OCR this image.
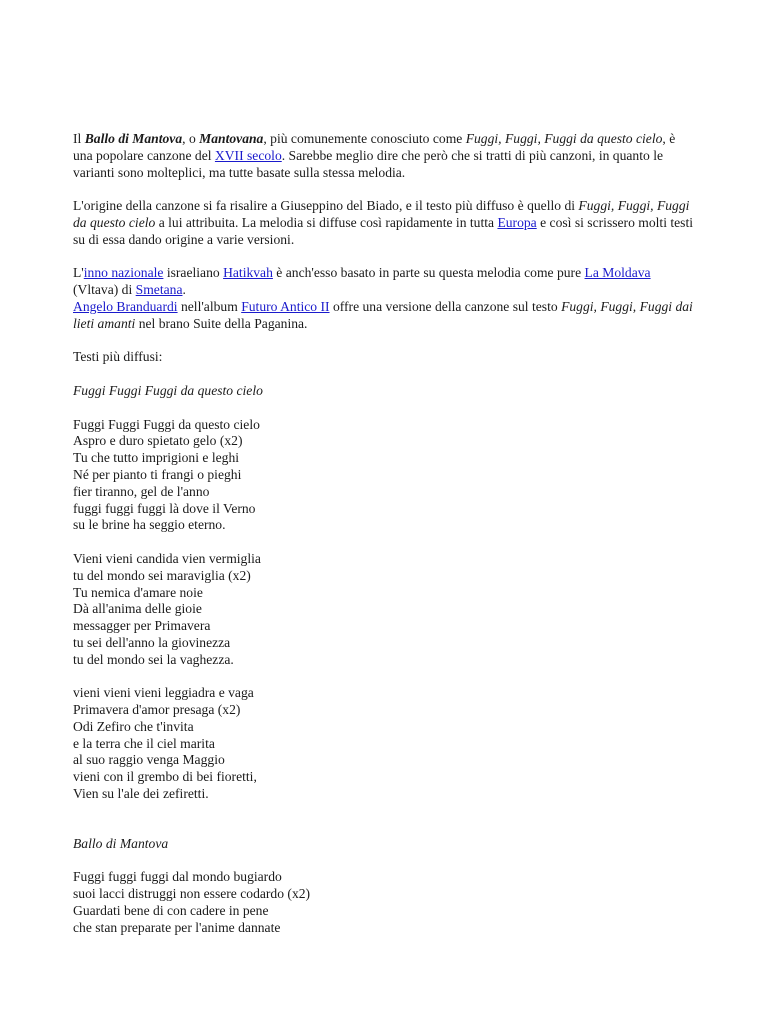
Il Ballo di Mantova, o Mantovana, più comunemente conosciuto come Fuggi, Fuggi, Fuggi da questo cielo, è una popolare canzone del XVII secolo. Sarebbe meglio dire che però che si tratti di più canzoni, in quanto le varianti sono molteplici, ma tutte basate sulla stessa melodia.

L'origine della canzone si fa risalire a Giuseppino del Biado, e il testo più diffuso è quello di Fuggi, Fuggi, Fuggi da questo cielo a lui attribuita. La melodia si diffuse così rapidamente in tutta Europa e così si scrissero molti testi su di essa dando origine a varie versioni.

L'inno nazionale israeliano Hatikvah è anch'esso basato in parte su questa melodia come pure La Moldava (Vltava) di Smetana.
Angelo Branduardi nell'album Futuro Antico II offre una versione della canzone sul testo Fuggi, Fuggi, Fuggi dai lieti amanti nel brano Suite della Paganina.

Testi più diffusi:

Fuggi Fuggi Fuggi da questo cielo

Fuggi Fuggi Fuggi da questo cielo
Aspro e duro spietato gelo (x2)
Tu che tutto imprigioni e leghi
Né per pianto ti frangi o pieghi
fier tiranno, gel de l'anno
fuggi fuggi fuggi là dove il Verno
su le brine ha seggio eterno.

Vieni vieni candida vien vermiglia
tu del mondo sei maraviglia (x2)
Tu nemica d'amare noie
Dà all'anima delle gioie
messagger per Primavera
tu sei dell'anno la giovinezza
tu del mondo sei la vaghezza.

vieni vieni vieni leggiadra e vaga
Primavera d'amor presaga (x2)
Odi Zefiro che t'invita
e la terra che il ciel marita
al suo raggio venga Maggio
vieni con il grembo di bei fioretti,
Vien su l'ale dei zefiretti.

Ballo di Mantova

Fuggi fuggi fuggi dal mondo bugiardo
suoi lacci distruggi non essere codardo (x2)
Guardati bene di con cadere in pene
che stan preparate per l'anime dannate
